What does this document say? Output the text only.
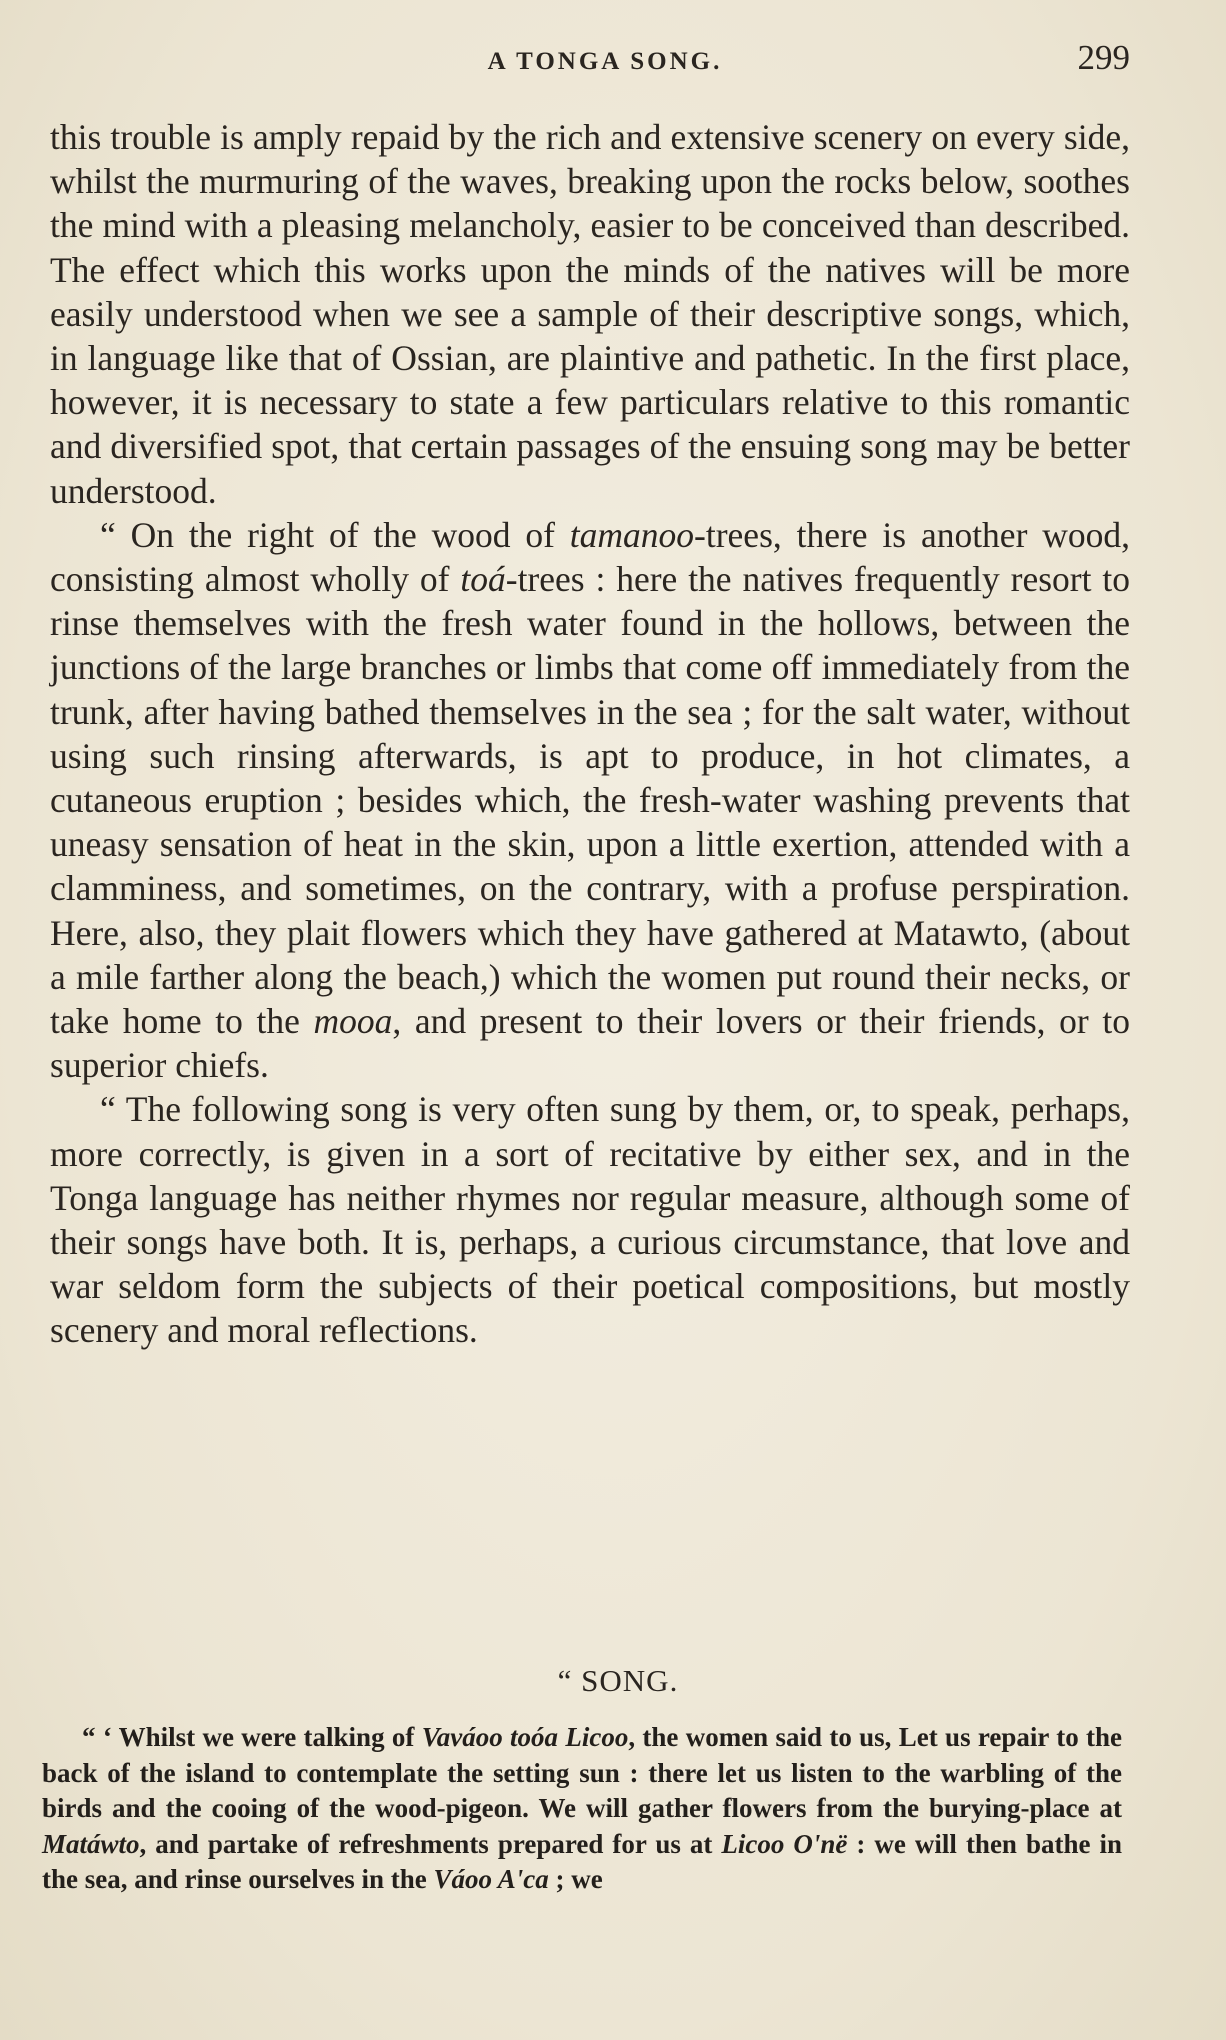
A TONGA SONG.	299

this trouble is amply repaid by the rich and extensive scenery on every side, whilst the murmuring of the waves, breaking upon the rocks below, soothes the mind with a pleasing melancholy, easier to be conceived than described. The effect which this works upon the minds of the natives will be more easily understood when we see a sample of their descriptive songs, which, in language like that of Ossian, are plaintive and pathetic. In the first place, however, it is necessary to state a few particulars relative to this romantic and diversified spot, that certain passages of the ensuing song may be better understood.

“ On the right of the wood of tamanoo-trees, there is another wood, consisting almost wholly of toá-trees : here the natives frequently resort to rinse themselves with the fresh water found in the hollows, between the junctions of the large branches or limbs that come off immediately from the trunk, after having bathed themselves in the sea ; for the salt water, without using such rinsing afterwards, is apt to produce, in hot climates, a cutaneous eruption ; besides which, the fresh-water washing prevents that uneasy sensation of heat in the skin, upon a little exertion, attended with a clamminess, and sometimes, on the contrary, with a profuse perspiration. Here, also, they plait flowers which they have gathered at Matawto, (about a mile farther along the beach,) which the women put round their necks, or take home to the mooa, and present to their lovers or their friends, or to superior chiefs.

“ The following song is very often sung by them, or, to speak, perhaps, more correctly, is given in a sort of recitative by either sex, and in the Tonga language has neither rhymes nor regular measure, although some of their songs have both. It is, perhaps, a curious circumstance, that love and war seldom form the subjects of their poetical compositions, but mostly scenery and moral reflections.

“ SONG.

“ ‘ Whilst we were talking of Vaváoo toóa Licoo, the women said to us, Let us repair to the back of the island to contemplate the setting sun : there let us listen to the warbling of the birds and the cooing of the wood-pigeon. We will gather flowers from the burying-place at Matáwto, and partake of refreshments prepared for us at Licoo O'në : we will then bathe in the sea, and rinse ourselves in the Váoo A'ca ; we
